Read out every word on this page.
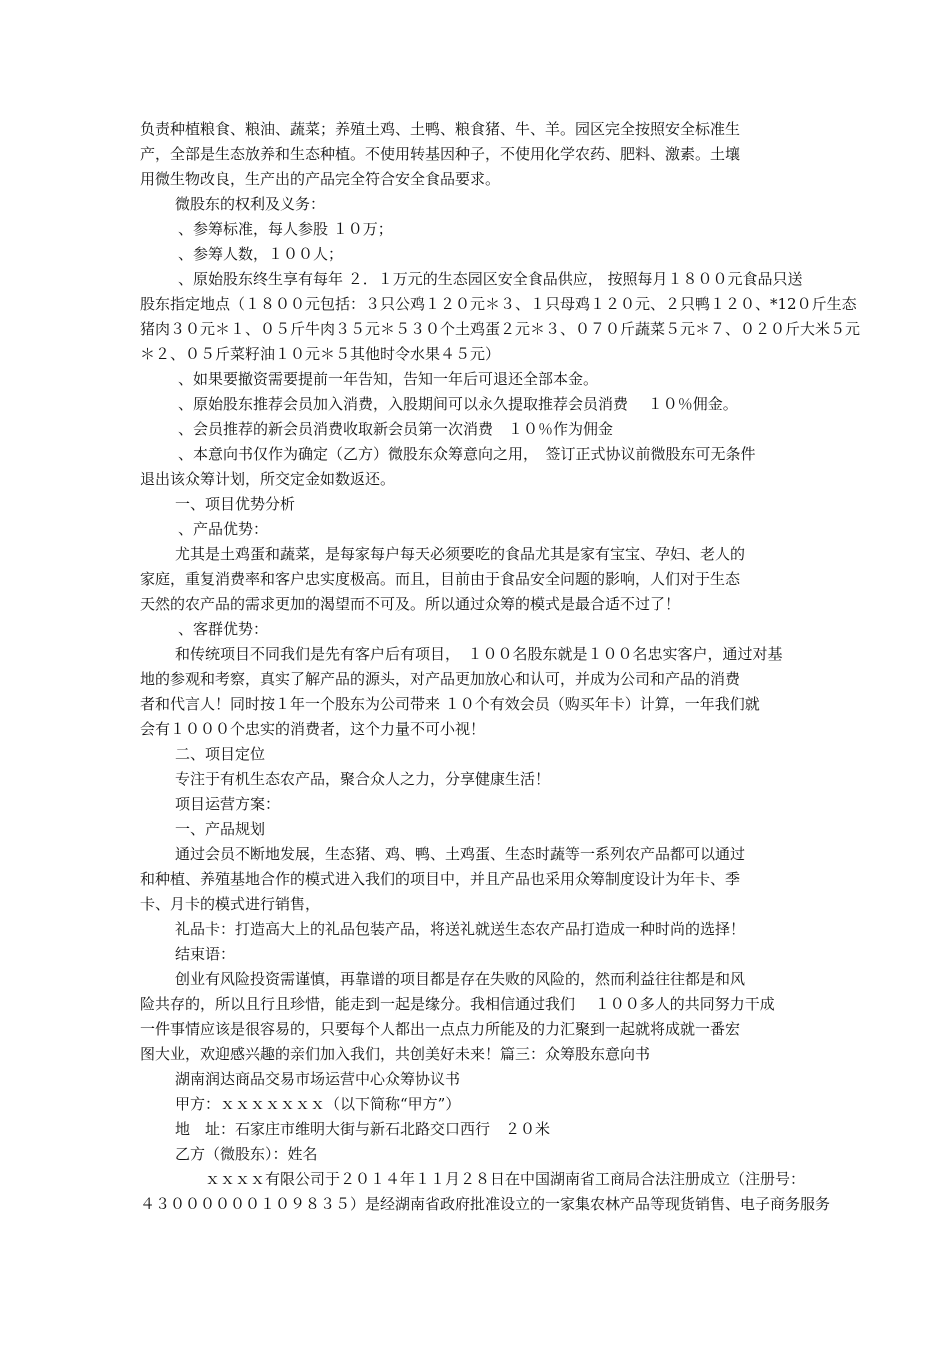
负责种植粮食、粮油、蔬菜；养殖土鸡、土鸭、粮食猪、牛、羊。园区完全按照安全标准生
产，全部是生态放养和生态种植。不使用转基因种子，不使用化学农药、肥料、激素。土壤
用微生物改良，生产出的产品完全符合安全食品要求。
微股东的权利及义务：
、参筹标准，每人参股 １０万；
、参筹人数，１００人；
、原始股东终生享有每年 ２．１万元的生态园区安全食品供应， 按照每月１８００元食品只送
股东指定地点（１８００元包括：３只公鸡１２０元＊３、１只母鸡１２０元、２只鸭１２０、*12０斤生态
猪肉３０元＊１、０５斤牛肉３５元＊５３０个土鸡蛋２元＊３、０７０斤蔬菜５元＊７、０２０斤大米５元
＊２、０５斤菜籽油１０元＊５其他时令水果４５元）
、如果要撤资需要提前一年告知，告知一年后可退还全部本金。
、原始股东推荐会员加入消费，入股期间可以永久提取推荐会员消费　 １０％佣金。
、会员推荐的新会员消费收取新会员第一次消费　１０％作为佣金
、本意向书仅作为确定（乙方）微股东众筹意向之用，　签订正式协议前微股东可无条件
退出该众筹计划，所交定金如数返还。
一、项目优势分析
、产品优势：
尤其是土鸡蛋和蔬菜，是每家每户每天必须要吃的食品尤其是家有宝宝、孕妇、老人的
家庭，重复消费率和客户忠实度极高。而且，目前由于食品安全问题的影响，人们对于生态
天然的农产品的需求更加的渴望而不可及。所以通过众筹的模式是最合适不过了！
、客群优势：
和传统项目不同我们是先有客户后有项目，　１００名股东就是１００名忠实客户，通过对基
地的参观和考察，真实了解产品的源头，对产品更加放心和认可，并成为公司和产品的消费
者和代言人！同时按１年一个股东为公司带来 １０个有效会员（购买年卡）计算，一年我们就
会有１０００个忠实的消费者，这个力量不可小视！
二、项目定位
专注于有机生态农产品，聚合众人之力，分享健康生活！
项目运营方案：
一、产品规划
通过会员不断地发展，生态猪、鸡、鸭、土鸡蛋、生态时蔬等一系列农产品都可以通过
和种植、养殖基地合作的模式进入我们的项目中，并且产品也采用众筹制度设计为年卡、季
卡、月卡的模式进行销售，
礼品卡：打造高大上的礼品包装产品，将送礼就送生态农产品打造成一种时尚的选择！
结束语：
创业有风险投资需谨慎，再靠谱的项目都是存在失败的风险的，然而利益往往都是和风
险共存的，所以且行且珍惜，能走到一起是缘分。我相信通过我们　 １００多人的共同努力干成
一件事情应该是很容易的，只要每个人都出一点点力所能及的力汇聚到一起就将成就一番宏
图大业，欢迎感兴趣的亲们加入我们，共创美好未来！篇三：众筹股东意向书
湖南润达商品交易市场运营中心众筹协议书
甲方：ｘｘｘｘｘｘｘ（以下简称“甲方”）
地　址：石家庄市维明大街与新石北路交口西行　２０米
乙方（微股东）：姓名
ｘｘｘｘ有限公司于２０１４年１１月２８日在中国湖南省工商局合法注册成立（注册号：
４３００００００１０９８３５）是经湖南省政府批准设立的一家集农林产品等现货销售、电子商务服务
